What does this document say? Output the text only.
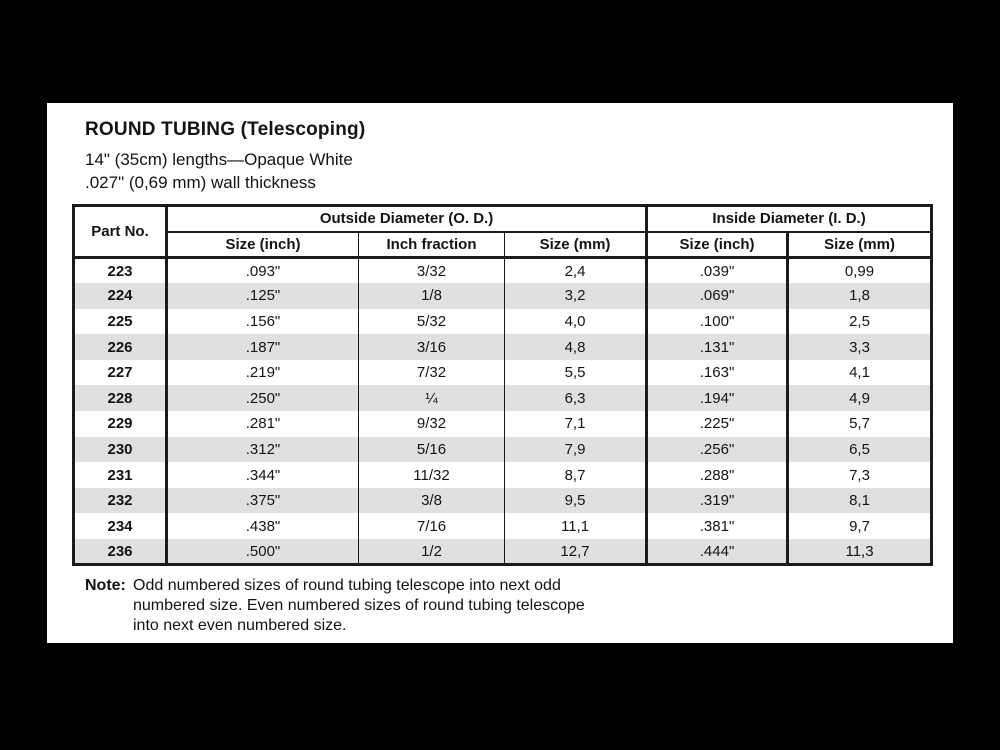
ROUND TUBING (Telescoping)
14" (35cm) lengths—Opaque White
.027" (0,69 mm) wall thickness
Part No.	Outside Diameter (O. D.)			Inside Diameter (I. D.)	
	Size (inch)	Inch fraction	Size (mm)	Size (inch)	Size (mm)
223	.093"	3/32	2,4	.039"	0,99
224	.125"	1/8	3,2	.069"	1,8
225	.156"	5/32	4,0	.100"	2,5
226	.187"	3/16	4,8	.131"	3,3
227	.219"	7/32	5,5	.163"	4,1
228	.250"	¼	6,3	.194"	4,9
229	.281"	9/32	7,1	.225"	5,7
230	.312"	5/16	7,9	.256"	6,5
231	.344"	11/32	8,7	.288"	7,3
232	.375"	3/8	9,5	.319"	8,1
234	.438"	7/16	11,1	.381"	9,7
236	.500"	1/2	12,7	.444"	11,3
Note: Odd numbered sizes of round tubing telescope into next odd
numbered size. Even numbered sizes of round tubing telescope
into next even numbered size.
